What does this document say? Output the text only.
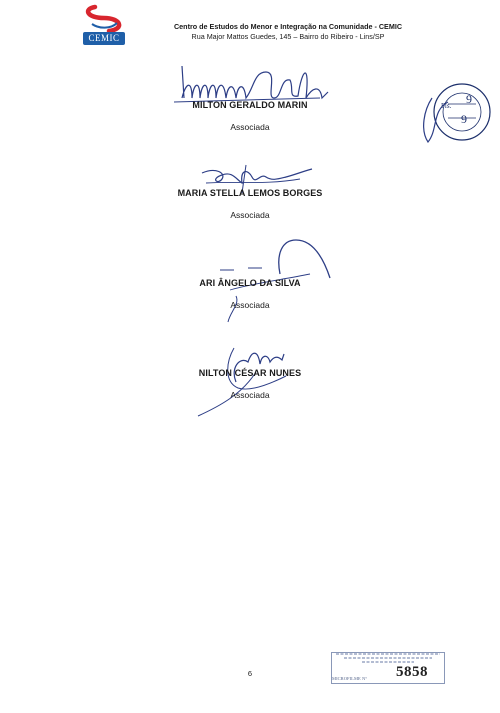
CEMIC
Centro de Estudos do Menor e Integração na Comunidade - CEMIC
Rua Major Mattos Guedes, 145 – Bairro do Ribeiro - Lins/SP
MILTON GERALDO MARIN
Associada
MARIA STELLA LEMOS BORGES
Associada
ARI ÂNGELO DA SILVA
Associada
NILTON CÉSAR NUNES
Associada
Fls. 9
9
6
MICROFILME N° 5858
